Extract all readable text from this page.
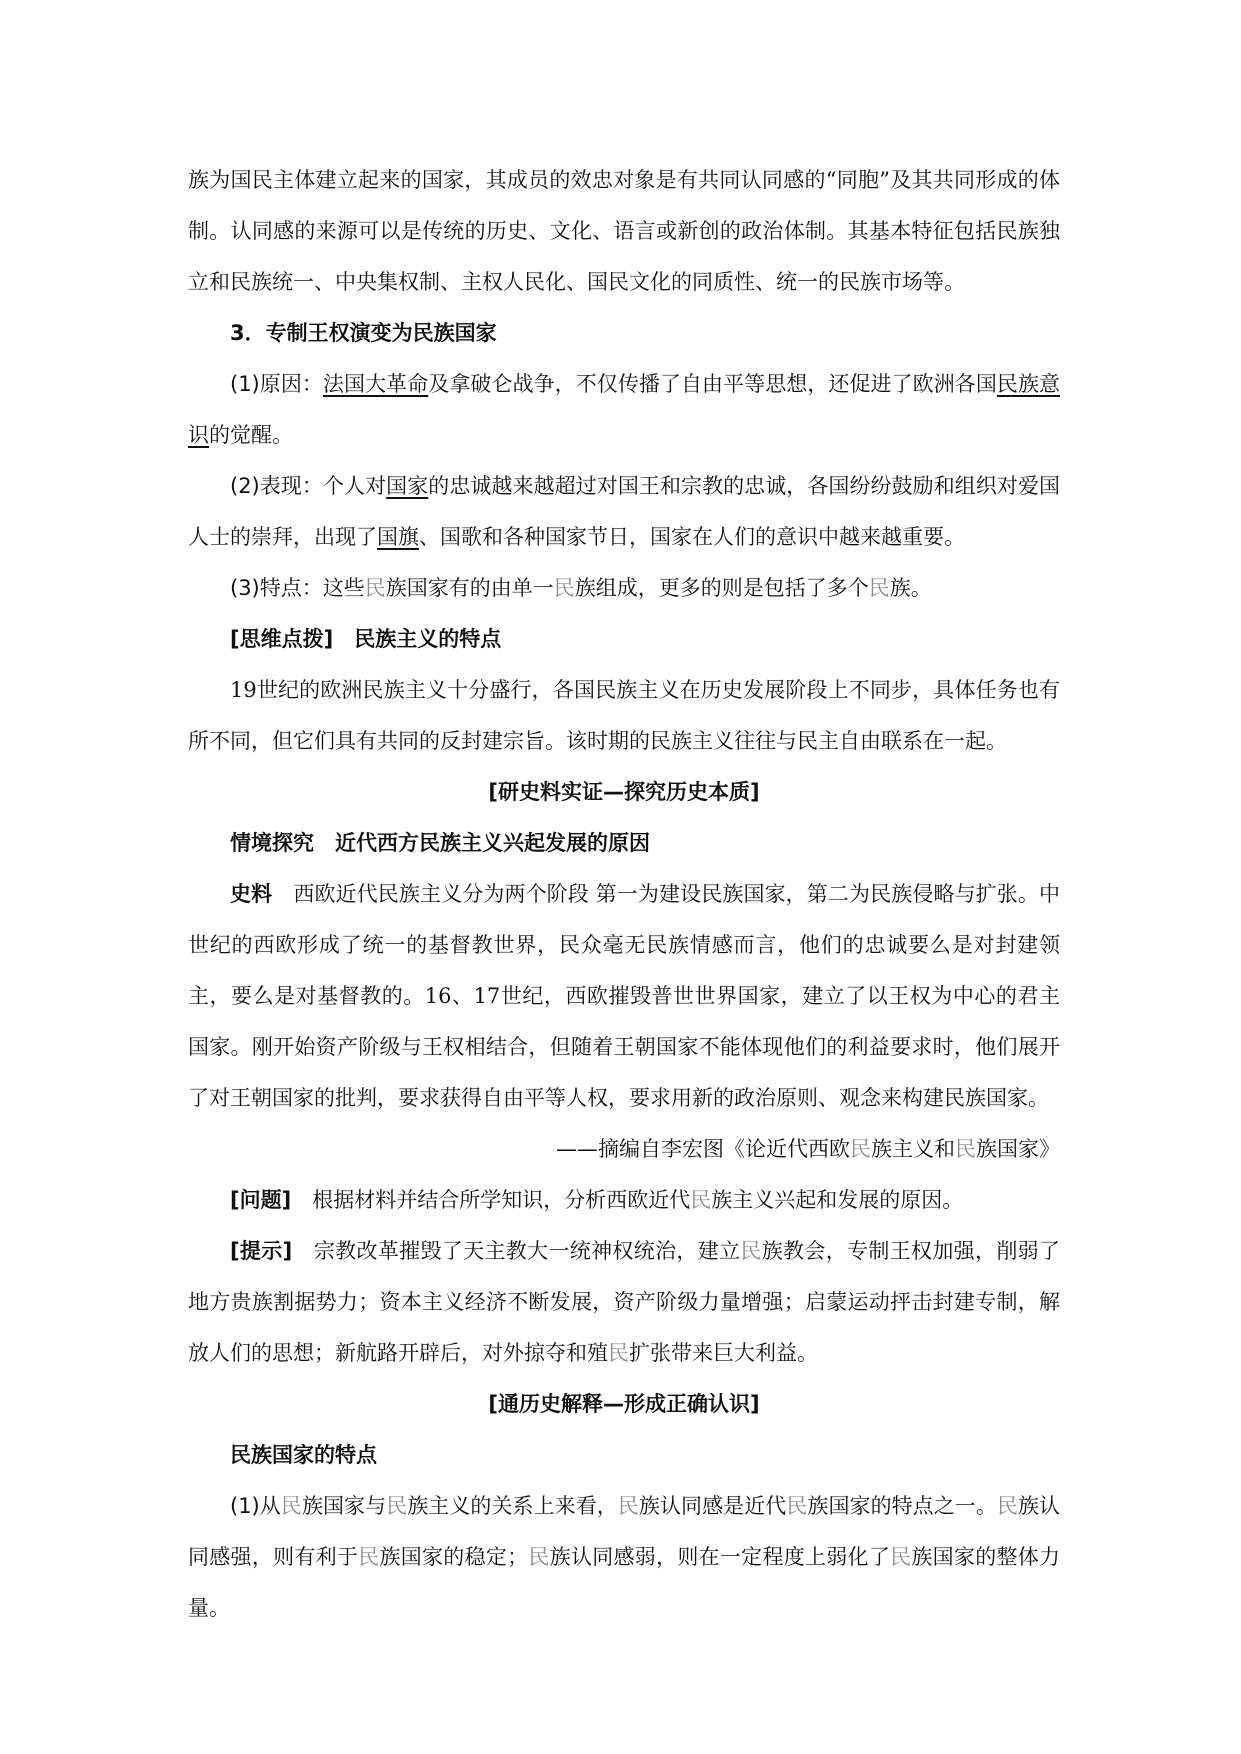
族为国民主体建立起来的国家，其成员的效忠对象是有共同认同感的“同胞”及其共同形成的体制。认同感的来源可以是传统的历史、文化、语言或新创的政治体制。其基本特征包括民族独立和民族统一、中央集权制、主权人民化、国民文化的同质性、统一的民族市场等。

3．专制王权演变为民族国家

(1)原因：法国大革命及拿破仑战争，不仅传播了自由平等思想，还促进了欧洲各国民族意识的觉醒。

(2)表现：个人对国家的忠诚越来越超过对国王和宗教的忠诚，各国纷纷鼓励和组织对爱国人士的崇拜，出现了国旗、国歌和各种国家节日，国家在人们的意识中越来越重要。

(3)特点：这些民族国家有的由单一民族组成，更多的则是包括了多个民族。

[思维点拨]　民族主义的特点

19世纪的欧洲民族主义十分盛行，各国民族主义在历史发展阶段上不同步，具体任务也有所不同，但它们具有共同的反封建宗旨。该时期的民族主义往往与民主自由联系在一起。

[研史料实证—探究历史本质]

情境探究　近代西方民族主义兴起发展的原因

史料　西欧近代民族主义分为两个阶段 第一为建设民族国家，第二为民族侵略与扩张。中世纪的西欧形成了统一的基督教世界，民众毫无民族情感而言，他们的忠诚要么是对封建领主，要么是对基督教的。16、17世纪，西欧摧毁普世世界国家，建立了以王权为中心的君主国家。刚开始资产阶级与王权相结合，但随着王朝国家不能体现他们的利益要求时，他们展开了对王朝国家的批判，要求获得自由平等人权，要求用新的政治原则、观念来构建民族国家。

——摘编自李宏图《论近代西欧民族主义和民族国家》

[问题]　根据材料并结合所学知识，分析西欧近代民族主义兴起和发展的原因。

[提示]　宗教改革摧毁了天主教大一统神权统治，建立民族教会，专制王权加强，削弱了地方贵族割据势力；资本主义经济不断发展，资产阶级力量增强；启蒙运动抨击封建专制，解放人们的思想；新航路开辟后，对外掠夺和殖民扩张带来巨大利益。

[通历史解释—形成正确认识]

民族国家的特点

(1)从民族国家与民族主义的关系上来看，民族认同感是近代民族国家的特点之一。民族认同感强，则有利于民族国家的稳定；民族认同感弱，则在一定程度上弱化了民族国家的整体力量。
